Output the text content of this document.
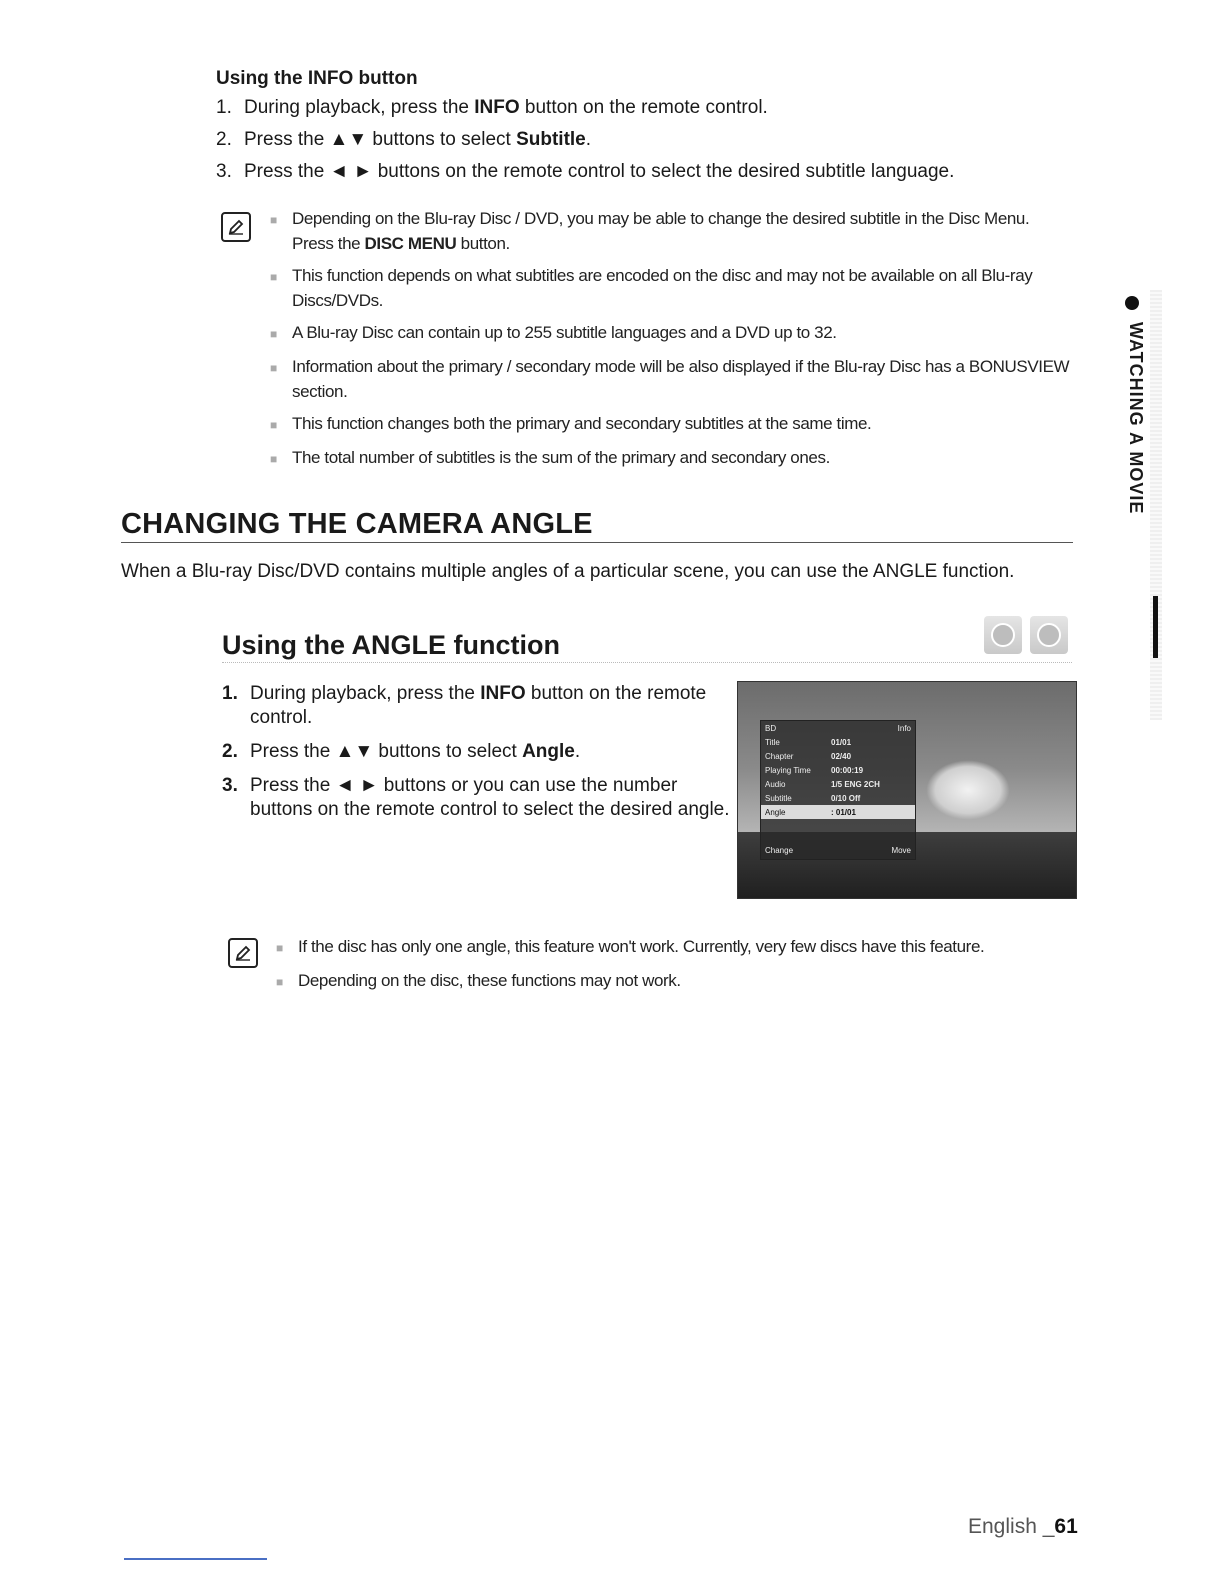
Using the INFO button
1. During playback, press the INFO button on the remote control.
2. Press the ▲▼ buttons to select Subtitle.
3. Press the ◄ ► buttons on the remote control to select the desired subtitle language.
■ Depending on the Blu-ray Disc / DVD, you may be able to change the desired subtitle in the Disc Menu.
Press the DISC MENU button.
■ This function depends on what subtitles are encoded on the disc and may not be available on all Blu-ray
Discs/DVDs.
■ A Blu-ray Disc can contain up to 255 subtitle languages and a DVD up to 32.
■ Information about the primary / secondary mode will be also displayed if the Blu-ray Disc has a BONUSVIEW
section.
■ This function changes both the primary and secondary subtitles at the same time.
■ The total number of subtitles is the sum of the primary and secondary ones.
CHANGING THE CAMERA ANGLE
When a Blu-ray Disc/DVD contains multiple angles of a particular scene, you can use the ANGLE function.
Using the ANGLE function
1. During playback, press the INFO button on the remote
control.
2. Press the ▲▼ buttons to select Angle.
3. Press the ◄ ► buttons or you can use the number
buttons on the remote control to select the desired angle.
BD	Info
Title	01/01
Chapter	02/40
Playing Time	00:00:19
Audio	1/5 ENG 2CH
Subtitle	0/10 Off
Angle	: 01/01
Change	Move
■ If the disc has only one angle, this feature won't work. Currently, very few discs have this feature.
■ Depending on the disc, these functions may not work.
WATCHING A MOVIE
English _61
